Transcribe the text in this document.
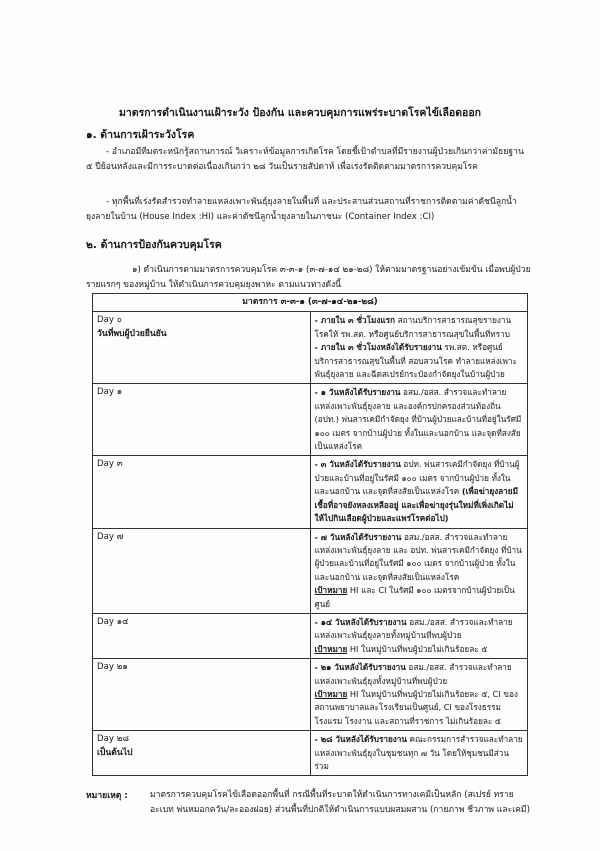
มาตรการดำเนินงานเฝ้าระวัง ป้องกัน และควบคุมการแพร่ระบาดโรคไข้เลือดออก
๑. ด้านการเฝ้าระวังโรค

- อำเภอมีทีมตระหนักรู้สถานการณ์ วิเคราะห์ข้อมูลการเกิดโรค โดยชี้เป้าตำบลที่มีรายงานผู้ป่วยเกินกว่าค่ามัธยฐาน ๕ ปีย้อนหลังและมีการระบาดต่อเนื่องเกินกว่า ๒๘ วันเป็นรายสัปดาห์ เพื่อเร่งรัดติดตามมาตรการควบคุมโรค

- ทุกพื้นที่เร่งรัดสำรวจทำลายแหล่งเพาะพันธุ์ยุงลายในพื้นที่ และประสานส่วนสถานที่ราชการติดตามค่าดัชนีลูกน้ำยุงลายในบ้าน (House Index :HI) และค่าดัชนีลูกน้ำยุงลายในภาชนะ (Container Index :CI)

๒. ด้านการป้องกันควบคุมโรค

๑) ดำเนินการตามมาตรการควบคุมโรค ๓-๓-๑ (๓-๗-๑๔ ๒๑-๒๘) ให้ตามมาตรฐานอย่างเข้มข้น เมื่อพบผู้ป่วยรายแรกๆ ของหมู่บ้าน ให้ดำเนินการควบคุมยุงพาหะ ตามแนวทางดังนี้

มาตรการ ๓-๓-๑ (๓-๗-๑๔-๒๑-๒๘)	
Day ๐
วันที่พบผู้ป่วยยืนยัน	- ภายใน ๓ ชั่วโมงแรก สถานบริการสาธารณสุขรายงานโรคให้ รพ.สต. หรือศูนย์บริการสาธารณสุขในพื้นที่ทราบ
- ภายใน ๓ ชั่วโมงหลังได้รับรายงาน รพ.สต. หรือศูนย์บริการสาธารณสุขในพื้นที่ สอบสวนโรค ทำลายแหล่งเพาะพันธุ์ยุงลาย และฉีดสเปรย์กระป๋องกำจัดยุงในบ้านผู้ป่วย

Day ๑	- ๑ วันหลังได้รับรายงาน อสม./อสส. สำรวจและทำลายแหล่งเพาะพันธุ์ยุงลาย และองค์กรปกครองส่วนท้องถิ่น (อปท.) พ่นสารเคมีกำจัดยุง ที่บ้านผู้ป่วยและบ้านที่อยู่ในรัศมี ๑๐๐ เมตร จากบ้านผู้ป่วย ทั้งในและนอกบ้าน และจุดที่สงสัยเป็นแหล่งโรค

Day ๓	- ๓ วันหลังได้รับรายงาน อปท. พ่นสารเคมีกำจัดยุง ที่บ้านผู้ป่วยและบ้านที่อยู่ในรัศมี ๑๐๐ เมตร จากบ้านผู้ป่วย ทั้งในและนอกบ้าน และจุดที่สงสัยเป็นแหล่งโรค (เพื่อฆ่ายุงลายมีเชื้อที่อาจยังหลงเหลืออยู่ และเพื่อฆ่ายุงรุ่นใหม่ที่เพิ่งเกิดไม่ให้ไปกินเลือดผู้ป่วยและแพร่โรคต่อไป)

Day ๗	- ๗ วันหลังได้รับรายงาน อสม./อสส. สำรวจและทำลายแหล่งเพาะพันธุ์ยุงลาย และ อปท. พ่นสารเคมีกำจัดยุง ที่บ้านผู้ป่วยและบ้านที่อยู่ในรัศมี ๑๐๐ เมตร จากบ้านผู้ป่วย ทั้งในและนอกบ้าน และจุดที่สงสัยเป็นแหล่งโรค
เป้าหมาย HI และ CI ในรัศมี ๑๐๐ เมตรจากบ้านผู้ป่วยเป็นศูนย์

Day ๑๔	- ๑๔ วันหลังได้รับรายงาน อสม./อสส. สำรวจและทำลายแหล่งเพาะพันธุ์ยุงลายทั้งหมู่บ้านที่พบผู้ป่วย
เป้าหมาย HI ในหมู่บ้านที่พบผู้ป่วยไม่เกินร้อยละ ๕

Day ๒๑	- ๒๑ วันหลังได้รับรายงาน อสม./อสส. สำรวจและทำลายแหล่งเพาะพันธุ์ยุงทั้งหมู่บ้านที่พบผู้ป่วย
เป้าหมาย HI ในหมู่บ้านที่พบผู้ป่วยไม่เกินร้อยละ ๕, CI ของสถานพยาบาลและโรงเรียนเป็นศูนย์, CI ของโรงธรรม โรงแรม โรงงาน และสถานที่ราชการ ไม่เกินร้อยละ ๕

Day ๒๘
เป็นต้นไป	- ๒๘ วันหลังได้รับรายงาน คณะกรรมการสำรวจและทำลายแหล่งเพาะพันธุ์ยุงในชุมชนทุก ๗ วัน โดยให้ชุมชนมีส่วนร่วม
หมายเหตุ :	มาตรการควบคุมโรคไข้เลือดออกพื้นที่ กรณีพื้นที่ระบาดให้ดำเนินการทางเคมีเป็นหลัก (สเปรย์ ทรายอะเบท พ่นหมอกควัน/ละอองฝอย) ส่วนพื้นที่ปกติให้ดำเนินการแบบผสมผสาน (กายภาพ ชีวภาพ และเคมี)
